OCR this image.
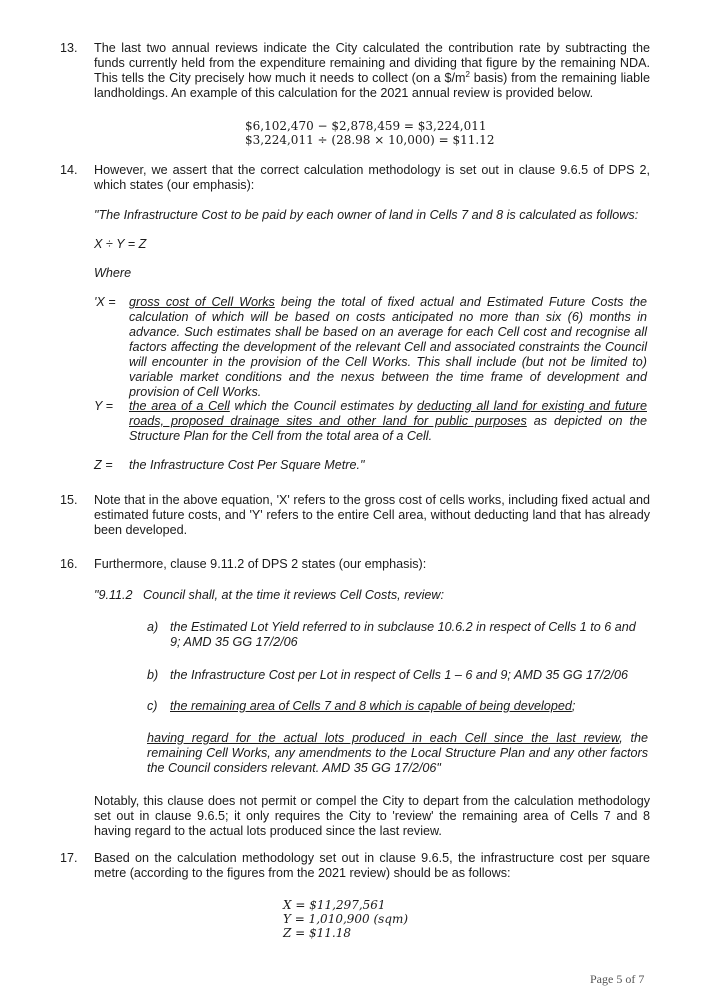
13. The last two annual reviews indicate the City calculated the contribution rate by subtracting the funds currently held from the expenditure remaining and dividing that figure by the remaining NDA. This tells the City precisely how much it needs to collect (on a $\$/m^2$ basis) from the remaining liable landholdings. An example of this calculation for the 2021 annual review is provided below.
$6,102,470 − $2,878,459 = $3,224,011
$3,224,011 ÷ (28.98 × 10,000) = $11.12
14. However, we assert that the correct calculation methodology is set out in clause 9.6.5 of DPS 2, which states (our emphasis):
"The Infrastructure Cost to be paid by each owner of land in Cells 7 and 8 is calculated as follows:
X ÷ Y = Z
Where
'X = gross cost of Cell Works being the total of fixed actual and Estimated Future Costs the calculation of which will be based on costs anticipated no more than six (6) months in advance. Such estimates shall be based on an average for each Cell cost and recognise all factors affecting the development of the relevant Cell and associated constraints the Council will encounter in the provision of the Cell Works. This shall include (but not be limited to) variable market conditions and the nexus between the time frame of development and provision of Cell Works.
Y = the area of a Cell which the Council estimates by deducting all land for existing and future roads, proposed drainage sites and other land for public purposes as depicted on the Structure Plan for the Cell from the total area of a Cell.
Z = the Infrastructure Cost Per Square Metre."
15. Note that in the above equation, 'X' refers to the gross cost of cells works, including fixed actual and estimated future costs, and 'Y' refers to the entire Cell area, without deducting land that has already been developed.
16. Furthermore, clause 9.11.2 of DPS 2 states (our emphasis):
"9.11.2   Council shall, at the time it reviews Cell Costs, review:
a) the Estimated Lot Yield referred to in subclause 10.6.2 in respect of Cells 1 to 6 and 9; AMD 35 GG 17/2/06
b) the Infrastructure Cost per Lot in respect of Cells 1 – 6 and 9; AMD 35 GG 17/2/06
c) the remaining area of Cells 7 and 8 which is capable of being developed;
having regard for the actual lots produced in each Cell since the last review, the remaining Cell Works, any amendments to the Local Structure Plan and any other factors the Council considers relevant. AMD 35 GG 17/2/06"
Notably, this clause does not permit or compel the City to depart from the calculation methodology set out in clause 9.6.5; it only requires the City to 'review' the remaining area of Cells 7 and 8 having regard to the actual lots produced since the last review.
17. Based on the calculation methodology set out in clause 9.6.5, the infrastructure cost per square metre (according to the figures from the 2021 review) should be as follows:
X = $11,297,561
Y = 1,010,900 (sqm)
Z = $11.18
Page 5 of 7
